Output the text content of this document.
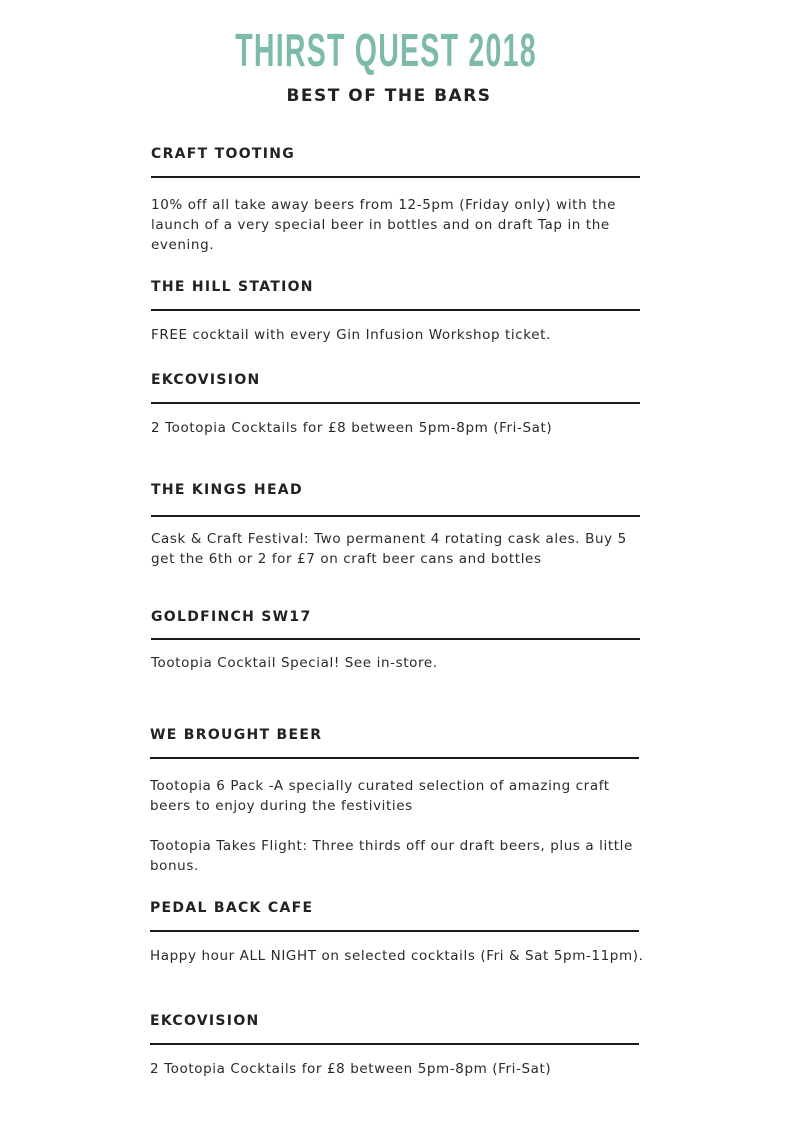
THIRST QUEST 2018
BEST OF THE BARS
CRAFT TOOTING
10% off all take away beers from 12-5pm (Friday only) with the launch of a very special beer in bottles and on draft Tap in the evening.
THE HILL STATION
FREE cocktail with every Gin Infusion Workshop ticket.
EKCOVISION
2 Tootopia Cocktails for £8 between 5pm-8pm (Fri-Sat)
THE KINGS HEAD
Cask & Craft Festival: Two permanent 4 rotating cask ales. Buy 5 get the 6th or 2 for £7 on craft beer cans and bottles
GOLDFINCH SW17
Tootopia Cocktail Special! See in-store.
WE BROUGHT BEER
Tootopia 6 Pack -A specially curated selection of amazing craft beers to enjoy during the festivities
Tootopia Takes Flight: Three thirds off our draft beers, plus a little bonus.
PEDAL BACK CAFE
Happy hour ALL NIGHT on selected cocktails (Fri & Sat 5pm-11pm).
EKCOVISION
2 Tootopia Cocktails for £8 between 5pm-8pm (Fri-Sat)
